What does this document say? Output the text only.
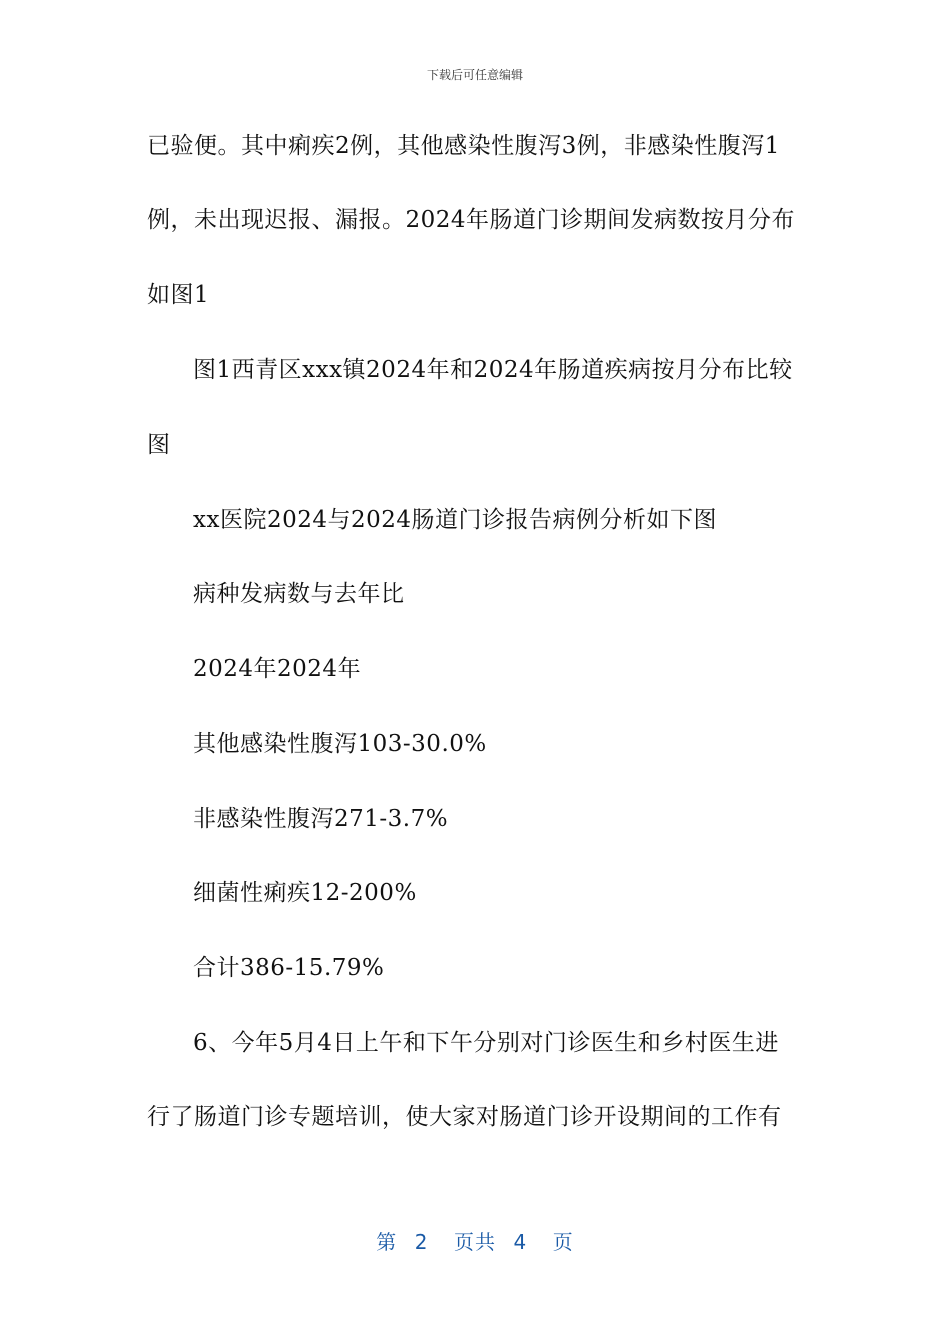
下载后可任意编辑
已验便。其中痢疾2例，其他感染性腹泻3例，非感染性腹泻1
例，未出现迟报、漏报。2024年肠道门诊期间发病数按月分布
如图1
图1西青区xxx镇2024年和2024年肠道疾病按月分布比较
图
xx医院2024与2024肠道门诊报告病例分析如下图
病种发病数与去年比
2024年2024年
其他感染性腹泻103-30.0%
非感染性腹泻271-3.7%
细菌性痢疾12-200%
合计386-15.79%
6、今年5月4日上午和下午分别对门诊医生和乡村医生进
行了肠道门诊专题培训，使大家对肠道门诊开设期间的工作有
第 2 页共 4 页
